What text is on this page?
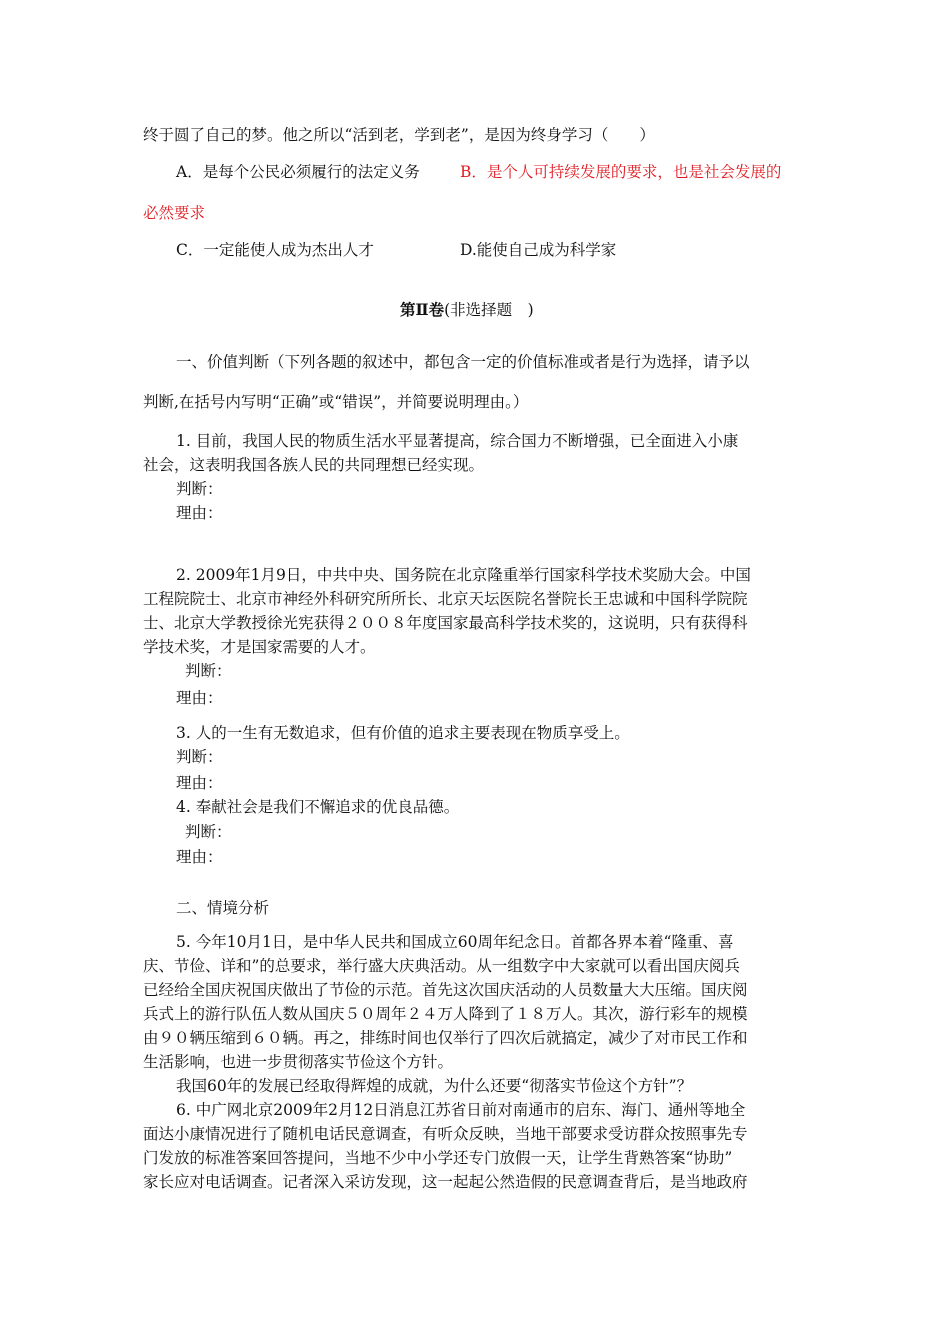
终于圆了自己的梦。他之所以“活到老，学到老”，是因为终身学习（　　）
A．是每个公民必须履行的法定义务	B．是个人可持续发展的要求，也是社会发展的
必然要求
C．一定能使人成为杰出人才	D.能使自己成为科学家
第Ⅱ卷(非选择题　)
一、价值判断（下列各题的叙述中，都包含一定的价值标准或者是行为选择，请予以
判断,在括号内写明“正确”或“错误”，并简要说明理由。）
1. 目前，我国人民的物质生活水平显著提高，综合国力不断增强，已全面进入小康
社会，这表明我国各族人民的共同理想已经实现。
判断：
理由：
2. 2009年1月9日，中共中央、国务院在北京隆重举行国家科学技术奖励大会。中国
工程院院士、北京市神经外科研究所所长、北京天坛医院名誉院长王忠诚和中国科学院院
士、北京大学教授徐光宪获得２００８年度国家最高科学技术奖的，这说明，只有获得科
学技术奖，才是国家需要的人才。
判断：
理由：
3. 人的一生有无数追求，但有价值的追求主要表现在物质享受上。
判断：
理由：
4. 奉献社会是我们不懈追求的优良品德。
判断：
理由：
二、情境分析
5. 今年10月1日，是中华人民共和国成立60周年纪念日。首都各界本着“隆重、喜
庆、节俭、详和”的总要求，举行盛大庆典活动。从一组数字中大家就可以看出国庆阅兵
已经给全国庆祝国庆做出了节俭的示范。首先这次国庆活动的人员数量大大压缩。国庆阅
兵式上的游行队伍人数从国庆５０周年２４万人降到了１８万人。其次，游行彩车的规模
由９０辆压缩到６０辆。再之，排练时间也仅举行了四次后就搞定，减少了对市民工作和
生活影响，也进一步贯彻落实节俭这个方针。
我国60年的发展已经取得辉煌的成就，为什么还要“彻落实节俭这个方针”？
6. 中广网北京2009年2月12日消息江苏省日前对南通市的启东、海门、通州等地全
面达小康情况进行了随机电话民意调查，有听众反映，当地干部要求受访群众按照事先专
门发放的标准答案回答提问，当地不少中小学还专门放假一天，让学生背熟答案“协助”
家长应对电话调查。记者深入采访发现，这一起起公然造假的民意调查背后，是当地政府
